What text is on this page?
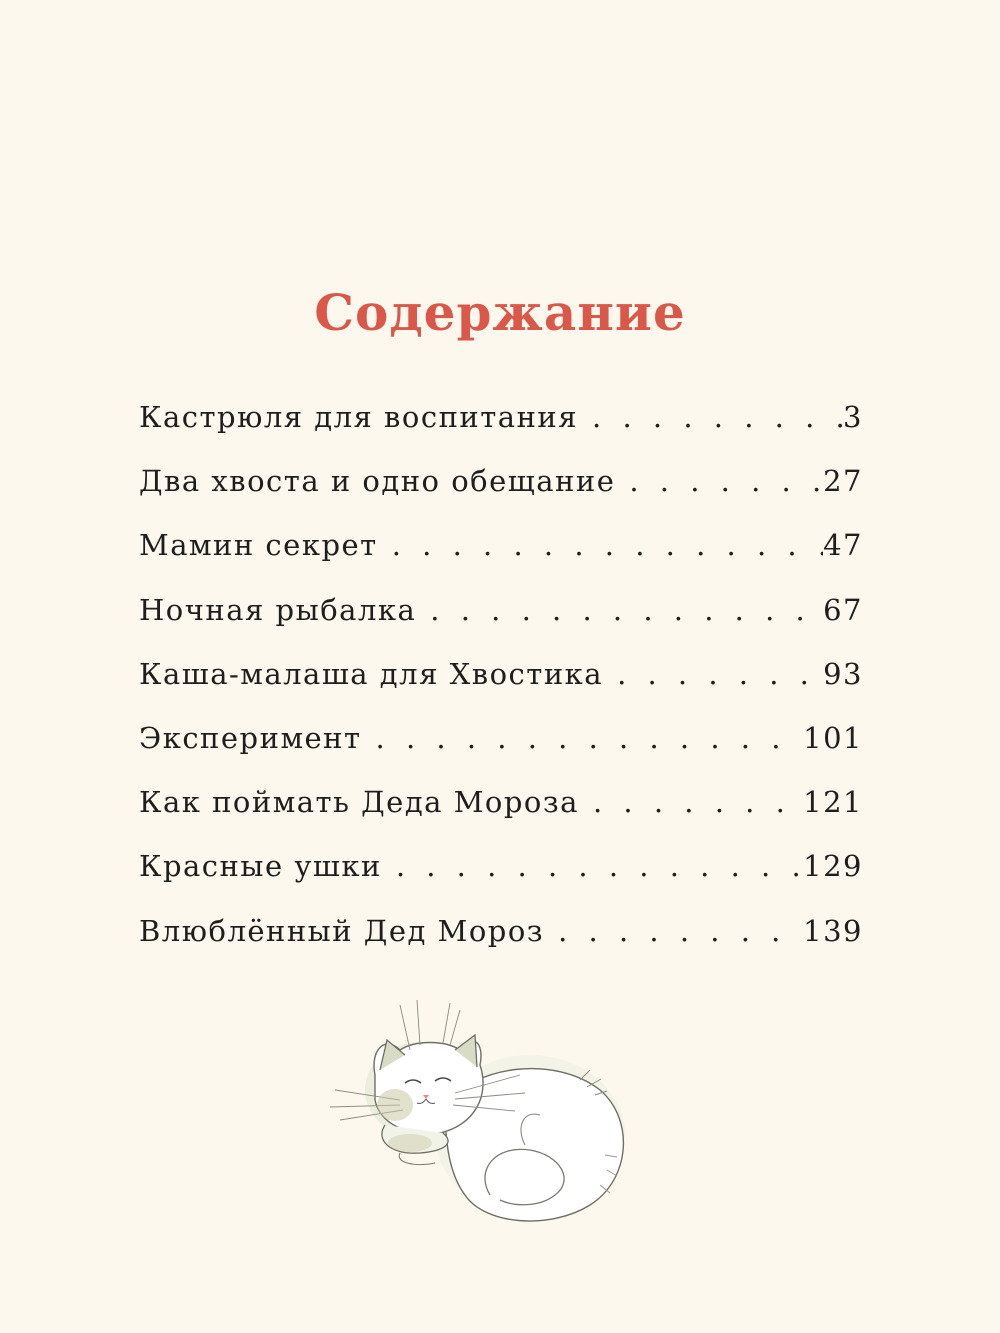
Содержание
Кастрюля для воспитания . . .	3
Два хвоста и одно обещание . . .	27
Мамин секрет . . .	47
Ночная рыбалка . . .	67
Каша-малаша для Хвостика . . .	93
Эксперимент . . .	101
Как поймать Деда Мороза . . .	121
Красные ушки . . .	129
Влюблённый Дед Мороз . . .	139
